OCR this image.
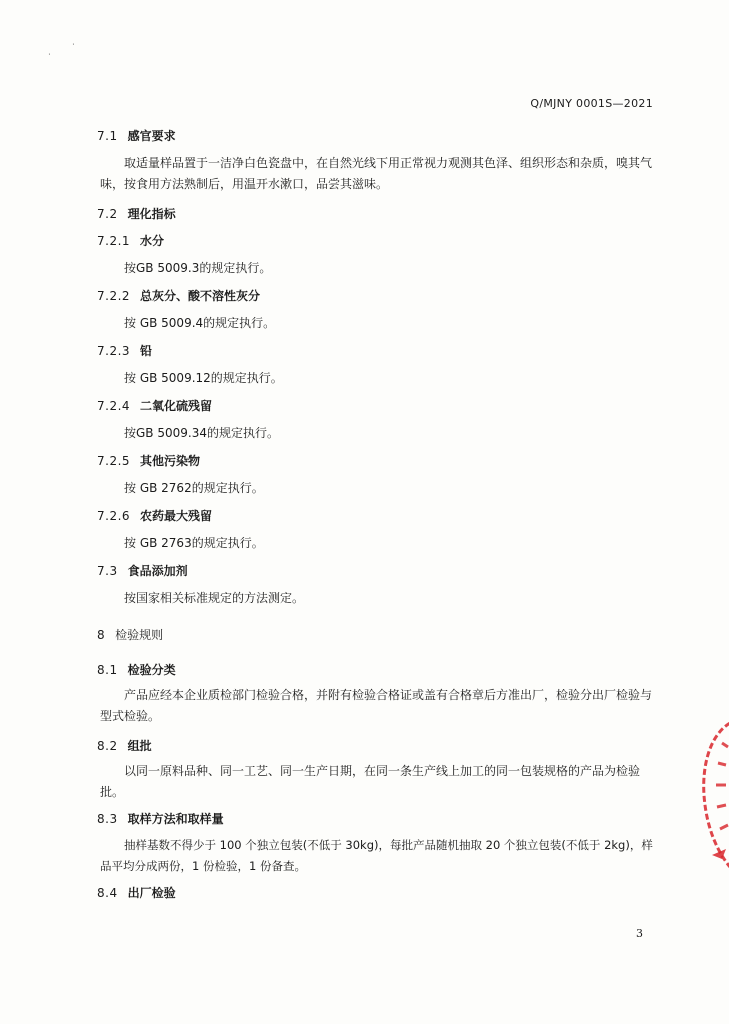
⋅
⋅
Q/MJNY 0001S—2021
7.1 感官要求
取适量样品置于一洁净白色瓷盘中，在自然光线下用正常视力观测其色泽、组织形态和杂质，嗅其气味，按食用方法熟制后，用温开水漱口，品尝其滋味。
7.2 理化指标
7.2.1 水分
按GB 5009.3的规定执行。
7.2.2 总灰分、酸不溶性灰分
按 GB 5009.4的规定执行。
7.2.3 铅
按 GB 5009.12的规定执行。
7.2.4 二氧化硫残留
按GB 5009.34的规定执行。
7.2.5 其他污染物
按 GB 2762的规定执行。
7.2.6 农药最大残留
按 GB 2763的规定执行。
7.3 食品添加剂
按国家相关标准规定的方法测定。
8 检验规则
8.1 检验分类
产品应经本企业质检部门检验合格，并附有检验合格证或盖有合格章后方准出厂，检验分出厂检验与型式检验。
8.2 组批
以同一原料品种、同一工艺、同一生产日期，在同一条生产线上加工的同一包装规格的产品为检验批。
8.3 取样方法和取样量
抽样基数不得少于 100 个独立包装(不低于 30kg)，每批产品随机抽取 20 个独立包装(不低于 2kg)，样品平均分成两份，1 份检验，1 份备查。
8.4 出厂检验
3
